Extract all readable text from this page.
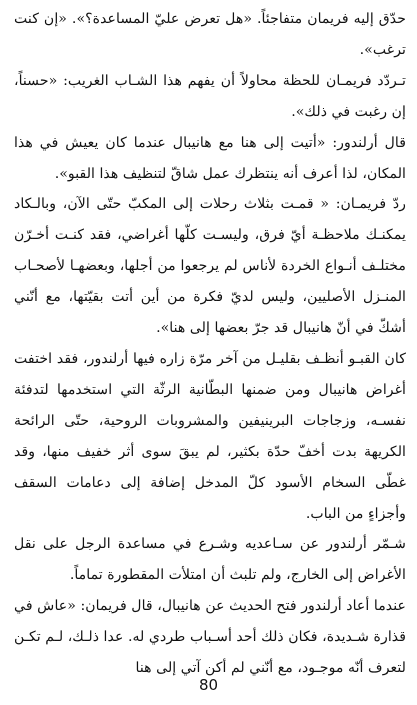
حدّق إليه فريمان متفاجئاً. «هل تعرض عليّ المساعدة؟». «إن كنت ترغب».

تـردّد فريمـان للحظة محاولاً أن يفهم هذا الشـاب الغريب: «حسناً، إن رغبت في ذلك».

قال أرلندور: «أتيت إلى هنا مع هانيبال عندما كان يعيش في هذا المكان، لذا أعرف أنه ينتظرك عمل شاقّ لتنظيف هذا القبو».

ردّ فريمـان: « قمـت بثلاث رحلات إلى المكبّ حتّى الآن، وبالـكاد يمكنـك ملاحظـة أيّ فرق، وليسـت كلّها أغراضي، فقد كنـت أخـرّن مختلـف أنـواع الخردة لأناس لم يرجعوا من أجلها، وبعضهـا لأصحـاب المنـزل الأصليين، وليس لديّ فكرة من أين أتت بقيّتها، مع أنّني أشكّ في أنّ هانيبال قد جرّ بعضها إلى هنا».

كان القبـو أنظـف بقليـل من آخر مرّة زاره فيها أرلندور، فقد اختفت أغراض هانيبال ومن ضمنها البطّانية الرثّة التي استخدمها لتدفئة نفسـه، وزجاجات البرينيفين والمشروبات الروحية، حتّى الرائحة الكريهة بدت أخفّ حدّة بكثير، لم يبقَ سوى أثر خفيف منها، وقد غطّى السخام الأسود كلّ المدخل إضافة إلى دعامات السقف وأجزاءٍ من الباب.

شـمّر أرلندور عن سـاعديه وشـرع في مساعدة الرجل على نقل الأغراض إلى الخارج، ولم تلبث أن امتلأت المقطورة تماماً.

عندما أعاد أرلندور فتح الحديث عن هانيبال، قال فريمان: «عاش في قذارة شـديدة، فكان ذلك أحد أسـباب طردي له. عدا ذلـك، لـم تكـن لتعرف أنّه موجـود، مع أنّني لم أكن آتي إلى هنا

80
